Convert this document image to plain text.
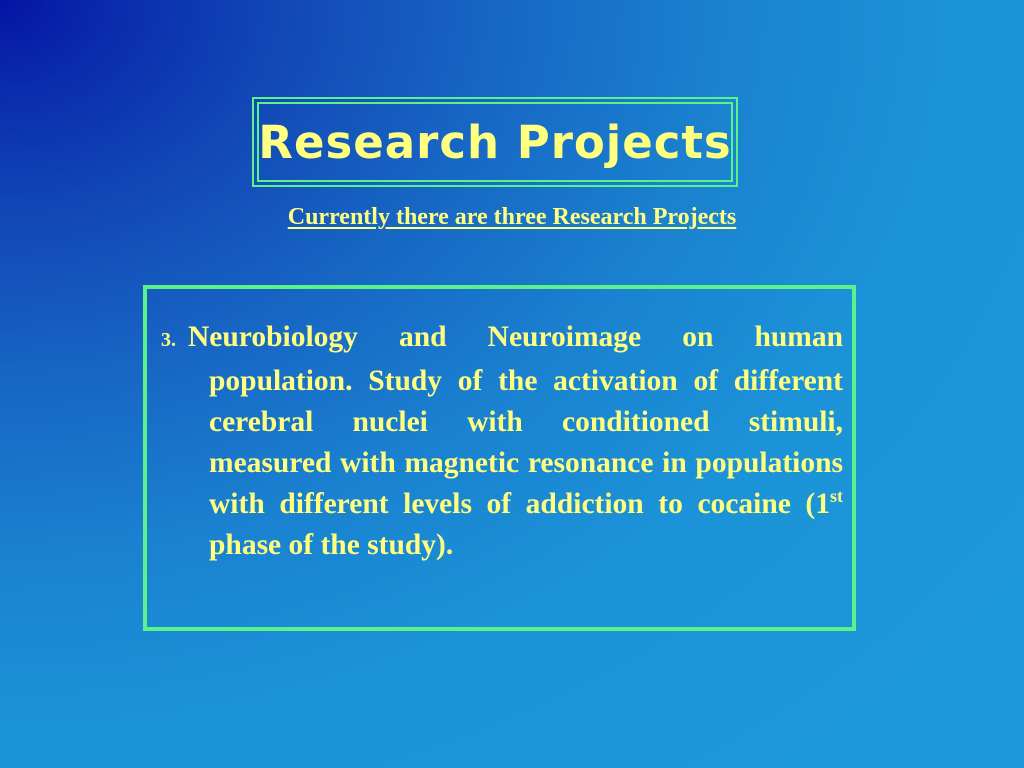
Research Projects
Currently there are three Research Projects
3. Neurobiology and Neuroimage on human population. Study of the activation of different cerebral nuclei with conditioned stimuli, measured with magnetic resonance in populations with different levels of addiction to cocaine (1st phase of the study).
